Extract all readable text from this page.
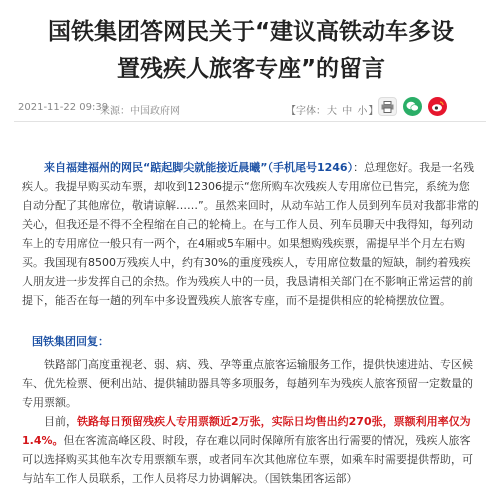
国铁集团答网民关于“建议高铁动车多设
置残疾人旅客专座”的留言
2021-11-22 09:39
来源：中国政府网	【字体：大 中 小】

来自福建福州的网民“踮起脚尖就能接近晨曦”（手机尾号1246）：总理您好。我是一名残疾人。我提早购买动车票，却收到12306提示“您所购车次残疾人专用席位已售完，系统为您自动分配了其他席位，敬请谅解……”。虽然来回时，从动车站工作人员到列车员对我都非常的关心，但我还是不得不全程缩在自己的轮椅上。在与工作人员、列车员聊天中我得知，每列动车上的专用席位一般只有一两个，在4厢或5车厢中。如果想购残疾票，需提早半个月左右购买。我国现有8500万残疾人中，约有30%的重度残疾人，专用席位数量的短缺，制约着残疾人朋友进一步发挥自己的余热。作为残疾人中的一员，我恳请相关部门在不影响正常运营的前提下，能否在每一趟的列车中多设置残疾人旅客专座，而不是提供相应的轮椅摆放位置。

国铁集团回复：

铁路部门高度重视老、弱、病、残、孕等重点旅客运输服务工作，提供快速进站、专区候车、优先检票、便利出站、提供辅助器具等多项服务，每趟列车为残疾人旅客预留一定数量的专用票额。

目前，铁路每日预留残疾人专用票额近2万张，实际日均售出约270张，票额利用率仅为1.4%。但在客流高峰区段、时段，存在难以同时保障所有旅客出行需要的情况，残疾人旅客可以选择购买其他车次专用票额车票，或者同车次其他席位车票，如乘车时需要提供帮助，可与站车工作人员联系，工作人员将尽力协调解决。（国铁集团客运部）
